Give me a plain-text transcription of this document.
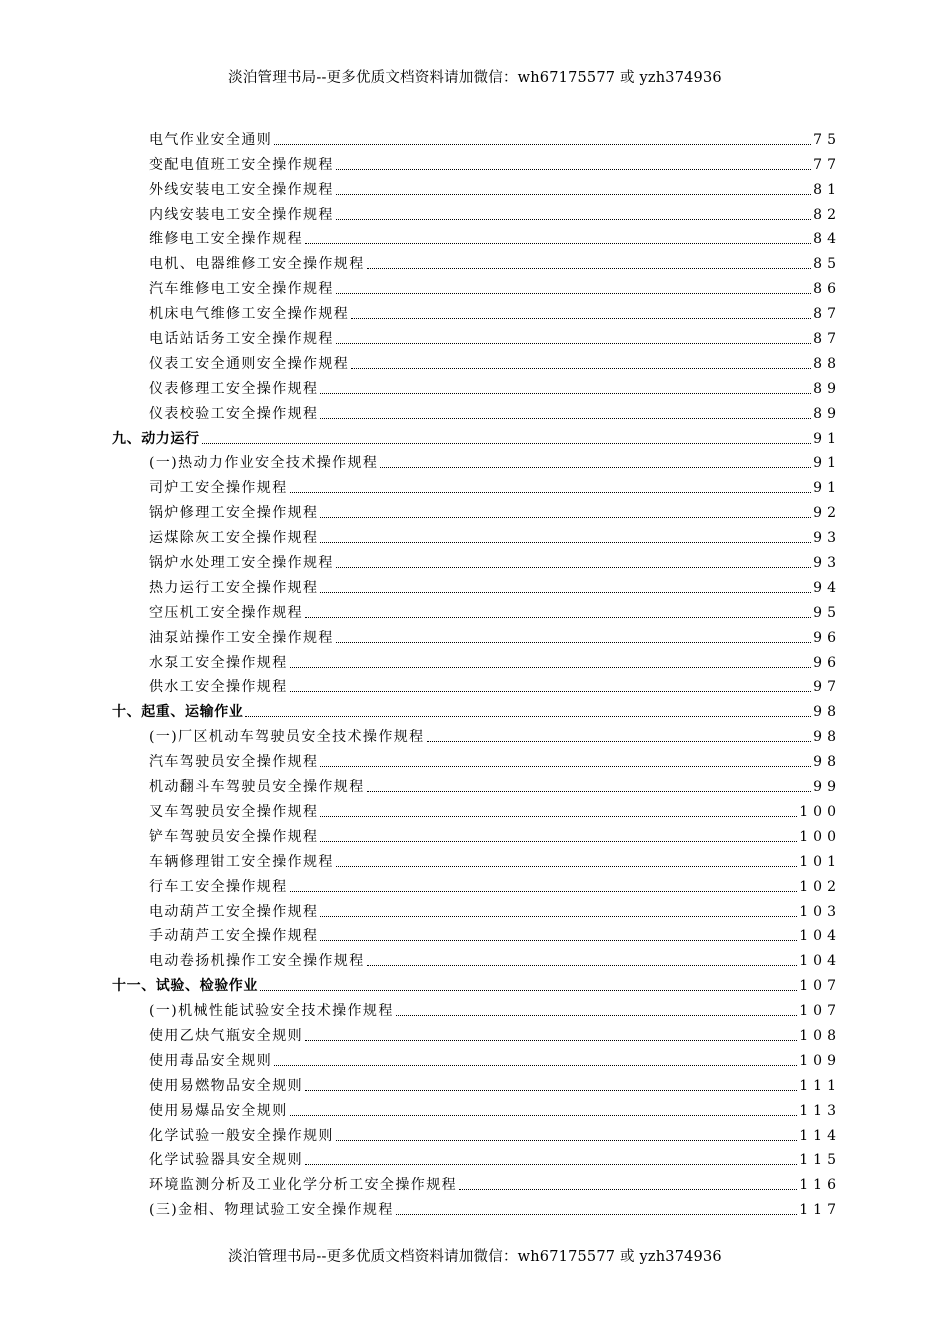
淡泊管理书局--更多优质文档资料请加微信：wh67175577 或 yzh374936
电气作业安全通则	75
变配电值班工安全操作规程	77
外线安装电工安全操作规程	81
内线安装电工安全操作规程	82
维修电工安全操作规程	84
电机、电器维修工安全操作规程	85
汽车维修电工安全操作规程	86
机床电气维修工安全操作规程	87
电话站话务工安全操作规程	87
仪表工安全通则安全操作规程	88
仪表修理工安全操作规程	89
仪表校验工安全操作规程	89
九、动力运行	91
(一)热动力作业安全技术操作规程	91
司炉工安全操作规程	91
锅炉修理工安全操作规程	92
运煤除灰工安全操作规程	93
锅炉水处理工安全操作规程	93
热力运行工安全操作规程	94
空压机工安全操作规程	95
油泵站操作工安全操作规程	96
水泵工安全操作规程	96
供水工安全操作规程	97
十、起重、运输作业	98
(一)厂区机动车驾驶员安全技术操作规程	98
汽车驾驶员安全操作规程	98
机动翻斗车驾驶员安全操作规程	99
叉车驾驶员安全操作规程	100
铲车驾驶员安全操作规程	100
车辆修理钳工安全操作规程	101
行车工安全操作规程	102
电动葫芦工安全操作规程	103
手动葫芦工安全操作规程	104
电动卷扬机操作工安全操作规程	104
十一、试验、检验作业	107
(一)机械性能试验安全技术操作规程	107
使用乙炔气瓶安全规则	108
使用毒品安全规则	109
使用易燃物品安全规则	111
使用易爆品安全规则	113
化学试验一般安全操作规则	114
化学试验器具安全规则	115
环境监测分析及工业化学分析工安全操作规程	116
(三)金相、物理试验工安全操作规程	117
淡泊管理书局--更多优质文档资料请加微信：wh67175577 或 yzh374936
